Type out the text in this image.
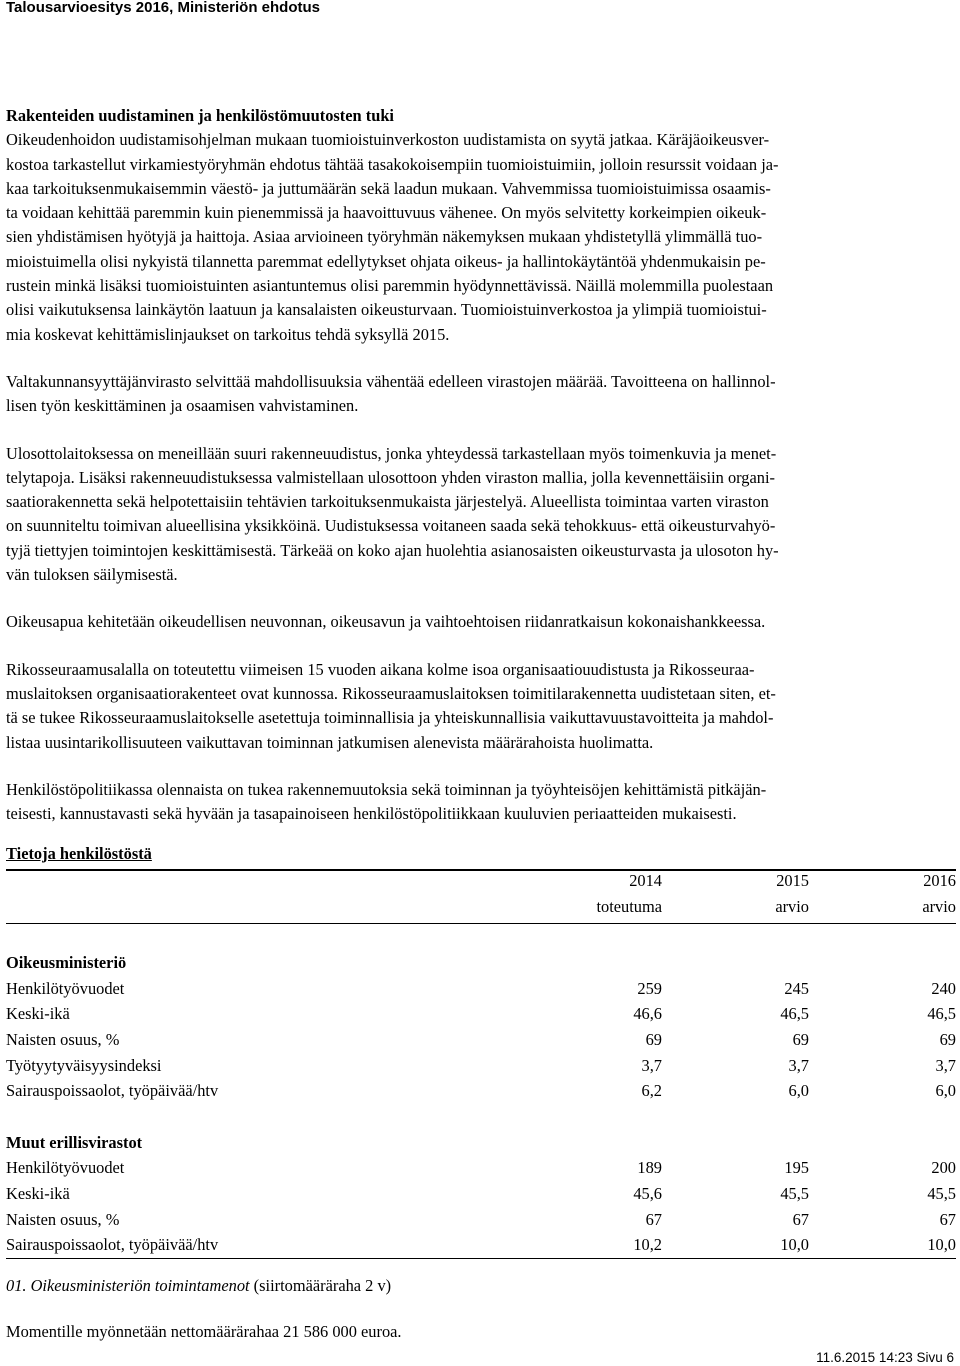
Talousarvioesitys 2016, Ministeriön ehdotus

Rakenteiden uudistaminen ja henkilöstömuutosten tuki

Oikeudenhoidon uudistamisohjelman mukaan tuomioistuinverkoston uudistamista on syytä jatkaa. Käräjäoikeusver-
kostoa tarkastellut virkamiestyöryhmän ehdotus tähtää tasakokoisempiin tuomioistuimiin, jolloin resurssit voidaan ja-
kaa tarkoituksenmukaisemmin väestö- ja juttumäärän sekä laadun mukaan. Vahvemmissa tuomioistuimissa osaamis-
ta voidaan kehittää paremmin kuin pienemmissä ja haavoittuvuus vähenee. On myös selvitetty korkeimpien oikeuk-
sien yhdistämisen hyötyjä ja haittoja. Asiaa arvioineen työryhmän näkemyksen mukaan yhdistetyllä ylimmällä tuo-
mioistuimella olisi nykyistä tilannetta paremmat edellytykset ohjata oikeus- ja hallintokäytäntöä yhdenmukaisin pe-
rustein minkä lisäksi tuomioistuinten asiantuntemus olisi paremmin hyödynnettävissä. Näillä molemmilla puolestaan
olisi vaikutuksensa lainkäytön laatuun ja kansalaisten oikeusturvaan. Tuomioistuinverkostoa ja ylimpiä tuomioistui-
mia koskevat kehittämislinjaukset on tarkoitus tehdä syksyllä 2015.

Valtakunnansyyttäjänvirasto selvittää mahdollisuuksia vähentää edelleen virastojen määrää. Tavoitteena on hallinnol-
lisen työn keskittäminen ja osaamisen vahvistaminen.

Ulosottolaitoksessa on meneillään suuri rakenneuudistus, jonka yhteydessä tarkastellaan myös toimenkuvia ja menet-
telytapoja. Lisäksi rakenneuudistuksessa valmistellaan ulosottoon yhden viraston mallia, jolla kevennettäisiin organi-
saatiorakennetta sekä helpotettaisiin tehtävien tarkoituksenmukaista järjestelyä. Alueellista toimintaa varten viraston
on suunniteltu toimivan alueellisina yksikköinä. Uudistuksessa voitaneen saada sekä tehokkuus- että oikeusturvahyö-
tyjä tiettyjen toimintojen keskittämisestä. Tärkeää on koko ajan huolehtia asianosaisten oikeusturvasta ja ulosoton hy-
vän tuloksen säilymisestä.

Oikeusapua kehitetään oikeudellisen neuvonnan, oikeusavun ja vaihtoehtoisen riidanratkaisun kokonaishankkeessa.

Rikosseuraamusalalla on toteutettu viimeisen 15 vuoden aikana kolme isoa organisaatiouudistusta ja Rikosseuraa-
muslaitoksen organisaatiorakenteet ovat kunnossa. Rikosseuraamuslaitoksen toimitilarakennetta uudistetaan siten, et-
tä se tukee Rikosseuraamuslaitokselle asetettuja toiminnallisia ja yhteiskunnallisia vaikuttavuustavoitteita ja mahdol-
listaa uusintarikollisuuteen vaikuttavan toiminnan jatkumisen alenevista määrärahoista huolimatta.

Henkilöstöpolitiikassa olennaista on tukea rakennemuutoksia sekä toiminnan ja työyhteisöjen kehittämistä pitkäjän-
teisesti, kannustavasti sekä hyvään ja tasapainoiseen henkilöstöpolitiikkaan kuuluvien periaatteiden mukaisesti.

Tietoja henkilöstöstä
	2014	2015	2016
	toteutuma	arvio	arvio

Oikeusministeriö			
Henkilötyövuodet	259	245	240
Keski-ikä	46,6	46,5	46,5
Naisten osuus, %	69	69	69
Työtyytyväisyysindeksi	3,7	3,7	3,7
Sairauspoissaolot, työpäivää/htv	6,2	6,0	6,0

Muut erillisvirastot			
Henkilötyövuodet	189	195	200
Keski-ikä	45,6	45,5	45,5
Naisten osuus, %	67	67	67
Sairauspoissaolot, työpäivää/htv	10,2	10,0	10,0
01. Oikeusministeriön toimintamenot (siirtomääräraha 2 v)
Momentille myönnetään nettomäärärahaa 21 586 000 euroa.
11.6.2015 14:23 Sivu 6
